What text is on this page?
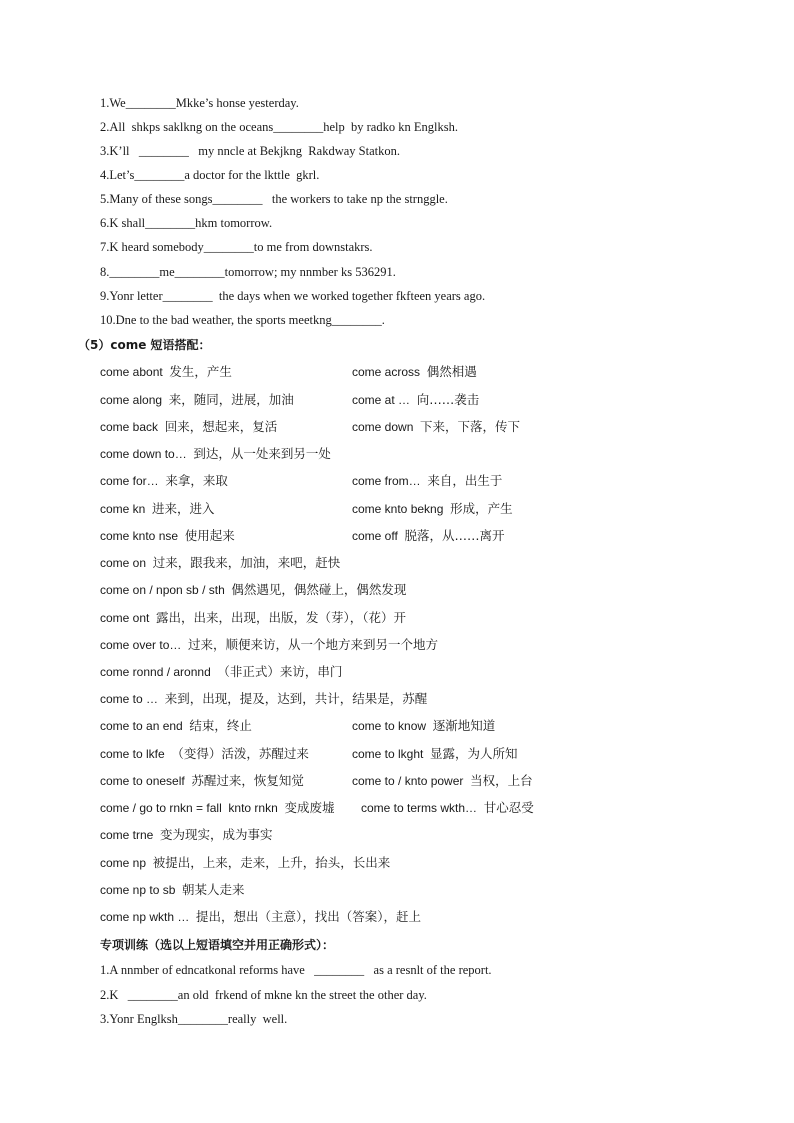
1.We________Mkke’s honse yesterday.
2.All  shkps saklkng on the oceans________help  by radko kn Englksh.
3.K’ll   ________   my nncle at Bekjkng  Rakdway Statkon.
4.Let’s________a doctor for the lkttle  gkrl.
5.Many of these songs________   the workers to take np the strnggle.
6.K shall________hkm tomorrow.
7.K heard somebody________to me from downstakrs.
8.________me________tomorrow; my nnmber ks 536291.
9.Yonr letter________  the days when we worked together fkfteen years ago.
10.Dne to the bad weather, the sports meetkng________.
（5）come 短语搭配：
come abont 发生，产生	come across 偶然相遇
come along 来，随同，进展，加油	come at … 向……袭击
come back 回来，想起来，复活	come down 下来，下落，传下
come down to… 到达，从一处来到另一处
come for… 来拿，来取	come from… 来自，出生于
come kn 进来，进入	come knto bekng 形成，产生
come knto nse 使用起来	come off 脱落，从……离开
come on 过来，跟我来，加油，来吧，赶快
come on / npon sb / sth 偶然遇见，偶然碰上，偶然发现
come ont 露出，出来，出现，出版，发（芽），（花）开
come over to… 过来，顺便来访，从一个地方来到另一个地方
come ronnd / aronnd （非正式）来访，串门
come to … 来到，出现，提及，达到，共计，结果是，苏醒
come to an end 结束，终止	come to know 逐渐地知道
come to lkfe （变得）活泼，苏醒过来	come to lkght 显露，为人所知
come to oneself 苏醒过来，恢复知觉	come to / knto power 当权，上台
come / go to rnkn = fall  knto rnkn 变成废墟 come to terms wkth… 甘心忍受
come trne 变为现实，成为事实
come np 被提出，上来，走来，上升，抬头，长出来
come np to sb 朝某人走来
come np wkth … 提出，想出（主意），找出（答案），赶上
专项训练（选以上短语填空并用正确形式）：
1.A nnmber of edncatkonal reforms have   ________   as a resnlt of the report.
2.K   ________an old  frkend of mkne kn the street the other day.
3.Yonr Englksh________really  well.
